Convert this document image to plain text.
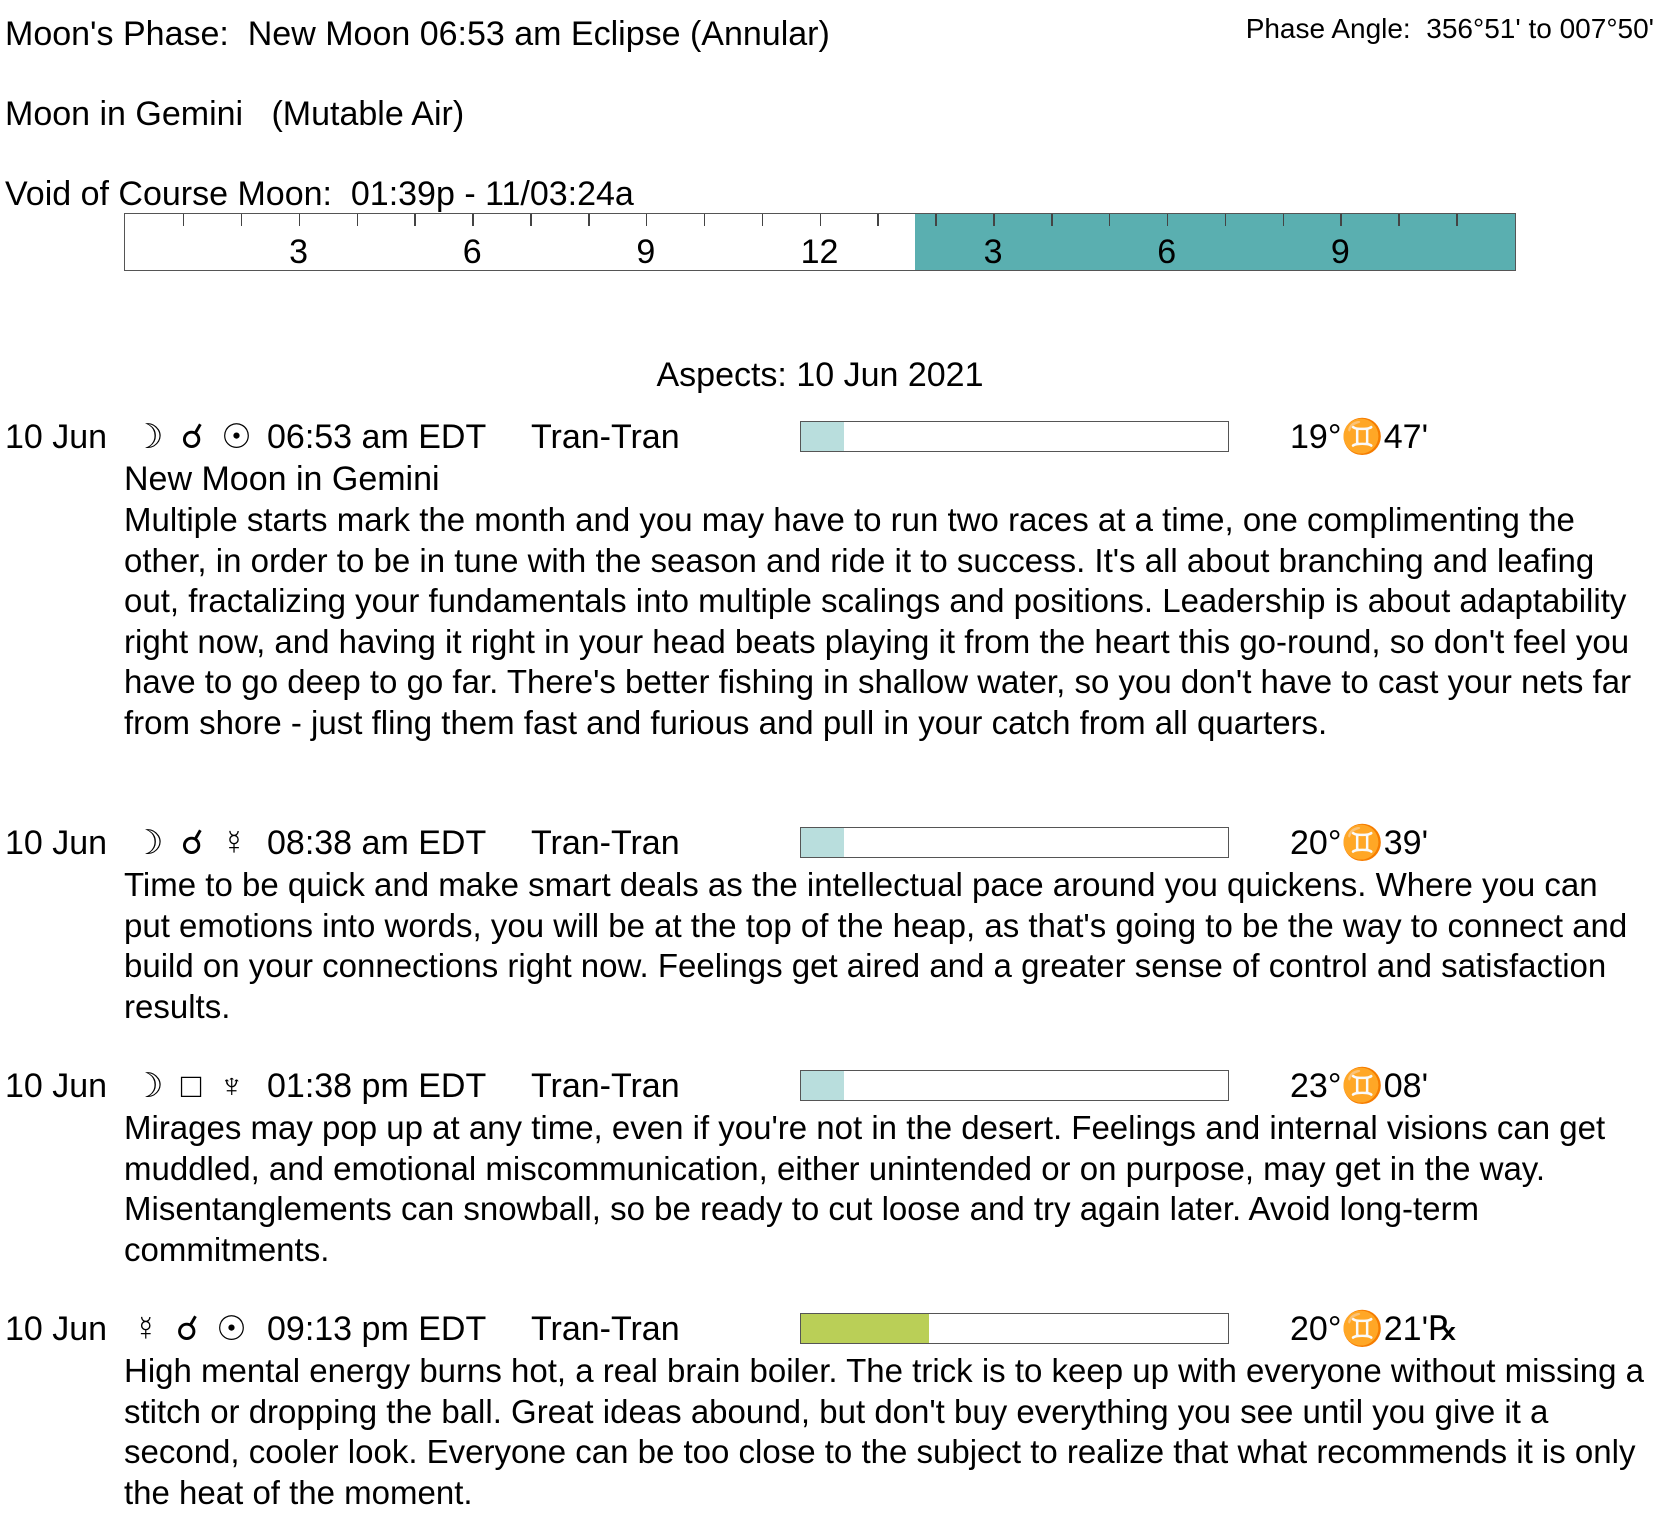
Moon's Phase: New Moon 06:53 am Eclipse (Annular)	Phase Angle: 356°51' to 007°50'
Moon in Gemini (Mutable Air)
Void of Course Moon: 01:39p - 11/03:24a
3	6	9	12	3	6	9
Aspects: 10 Jun 2021
10 Jun ☽ ☌ ☉ 06:53 am EDT Tran-Tran	19°♊47'
New Moon in Gemini

Multiple starts mark the month and you may have to run two races at a time, one complimenting the other, in order to be in tune with the season and ride it to success. It's all about branching and leafing out, fractalizing your fundamentals into multiple scalings and positions. Leadership is about adaptability right now, and having it right in your head beats playing it from the heart this go-round, so don't feel you have to go deep to go far. There's better fishing in shallow water, so you don't have to cast your nets far from shore - just fling them fast and furious and pull in your catch from all quarters.

10 Jun ☽ ☌ ☿ 08:38 am EDT Tran-Tran	20°♊39'

Time to be quick and make smart deals as the intellectual pace around you quickens. Where you can put emotions into words, you will be at the top of the heap, as that's going to be the way to connect and build on your connections right now. Feelings get aired and a greater sense of control and satisfaction results.

10 Jun ☽ □ ♆ 01:38 pm EDT Tran-Tran	23°♊08'

Mirages may pop up at any time, even if you're not in the desert. Feelings and internal visions can get muddled, and emotional miscommunication, either unintended or on purpose, may get in the way. Misentanglements can snowball, so be ready to cut loose and try again later. Avoid long-term commitments.

10 Jun ☿ ☌ ☉ 09:13 pm EDT Tran-Tran	20°♊21'℞

High mental energy burns hot, a real brain boiler. The trick is to keep up with everyone without missing a stitch or dropping the ball. Great ideas abound, but don't buy everything you see until you give it a second, cooler look. Everyone can be too close to the subject to realize that what recommends it is only the heat of the moment.
